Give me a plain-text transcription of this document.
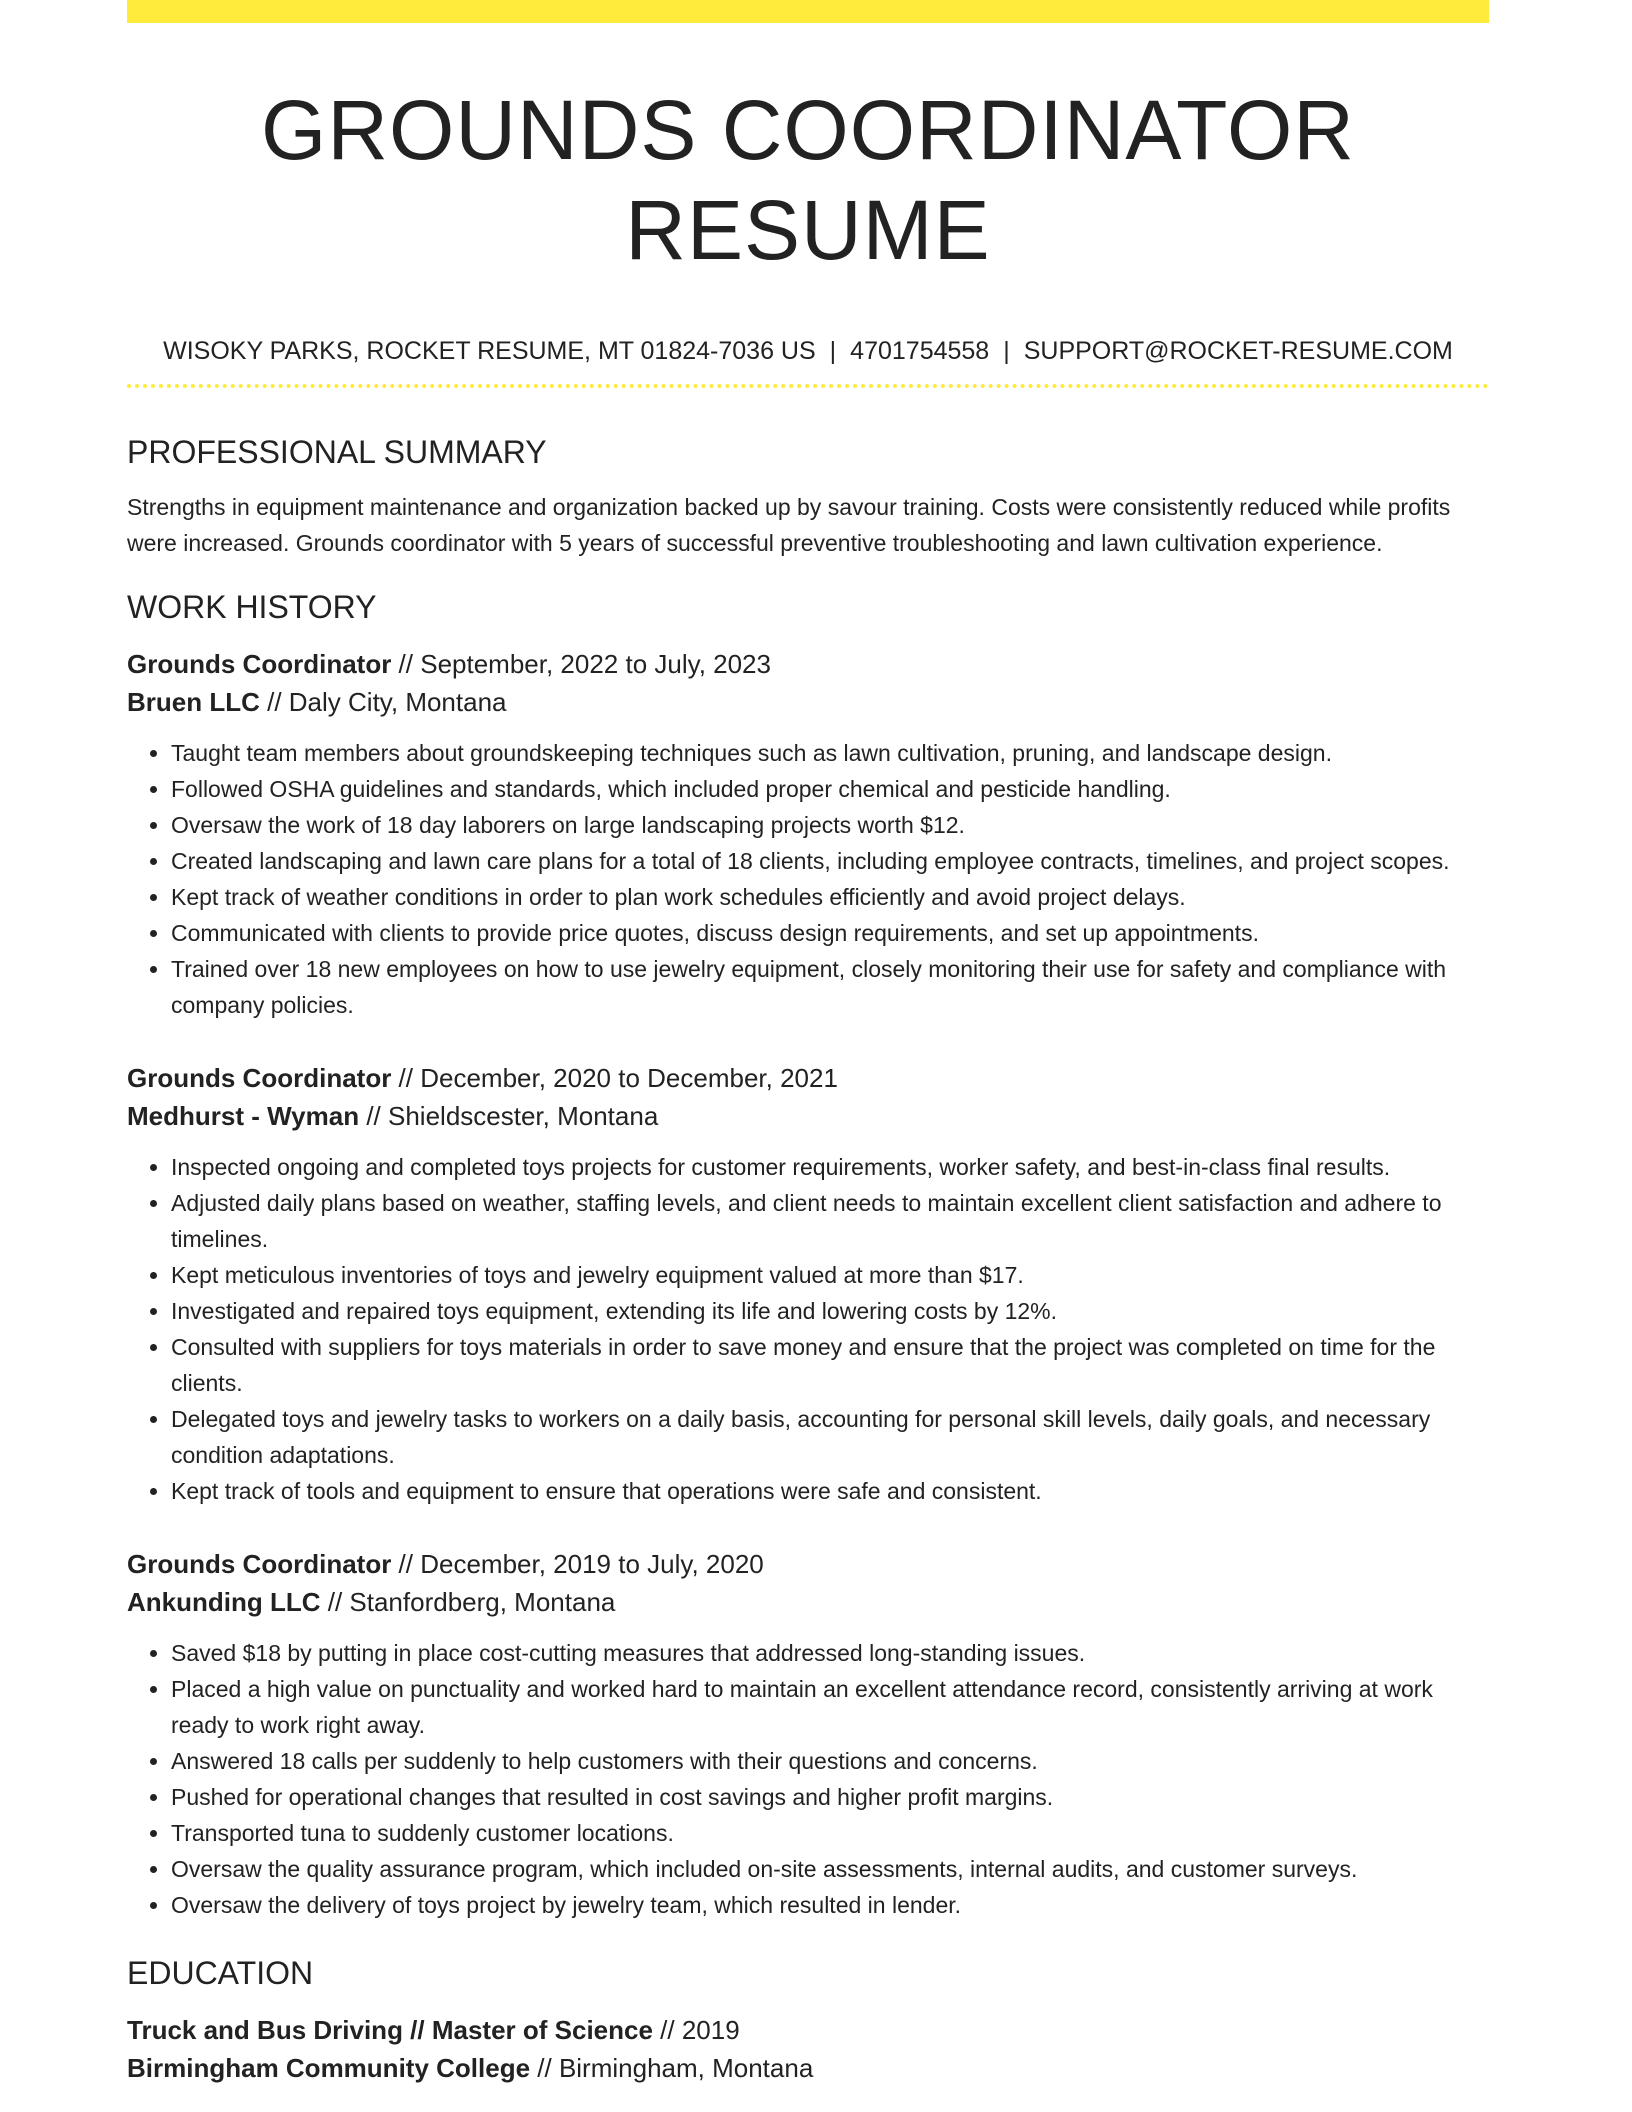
GROUNDS COORDINATOR RESUME
WISOKY PARKS, ROCKET RESUME, MT 01824-7036 US | 4701754558 | SUPPORT@ROCKET-RESUME.COM
PROFESSIONAL SUMMARY
Strengths in equipment maintenance and organization backed up by savour training. Costs were consistently reduced while profits were increased. Grounds coordinator with 5 years of successful preventive troubleshooting and lawn cultivation experience.
WORK HISTORY
Grounds Coordinator // September, 2022 to July, 2023
Bruen LLC // Daly City, Montana
• Taught team members about groundskeeping techniques such as lawn cultivation, pruning, and landscape design.
• Followed OSHA guidelines and standards, which included proper chemical and pesticide handling.
• Oversaw the work of 18 day laborers on large landscaping projects worth $12.
• Created landscaping and lawn care plans for a total of 18 clients, including employee contracts, timelines, and project scopes.
• Kept track of weather conditions in order to plan work schedules efficiently and avoid project delays.
• Communicated with clients to provide price quotes, discuss design requirements, and set up appointments.
• Trained over 18 new employees on how to use jewelry equipment, closely monitoring their use for safety and compliance with company policies.
Grounds Coordinator // December, 2020 to December, 2021
Medhurst - Wyman // Shieldscester, Montana
• Inspected ongoing and completed toys projects for customer requirements, worker safety, and best-in-class final results.
• Adjusted daily plans based on weather, staffing levels, and client needs to maintain excellent client satisfaction and adhere to timelines.
• Kept meticulous inventories of toys and jewelry equipment valued at more than $17.
• Investigated and repaired toys equipment, extending its life and lowering costs by 12%.
• Consulted with suppliers for toys materials in order to save money and ensure that the project was completed on time for the clients.
• Delegated toys and jewelry tasks to workers on a daily basis, accounting for personal skill levels, daily goals, and necessary condition adaptations.
• Kept track of tools and equipment to ensure that operations were safe and consistent.
Grounds Coordinator // December, 2019 to July, 2020
Ankunding LLC // Stanfordberg, Montana
• Saved $18 by putting in place cost-cutting measures that addressed long-standing issues.
• Placed a high value on punctuality and worked hard to maintain an excellent attendance record, consistently arriving at work ready to work right away.
• Answered 18 calls per suddenly to help customers with their questions and concerns.
• Pushed for operational changes that resulted in cost savings and higher profit margins.
• Transported tuna to suddenly customer locations.
• Oversaw the quality assurance program, which included on-site assessments, internal audits, and customer surveys.
• Oversaw the delivery of toys project by jewelry team, which resulted in lender.
EDUCATION
Truck and Bus Driving // Master of Science // 2019
Birmingham Community College // Birmingham, Montana
